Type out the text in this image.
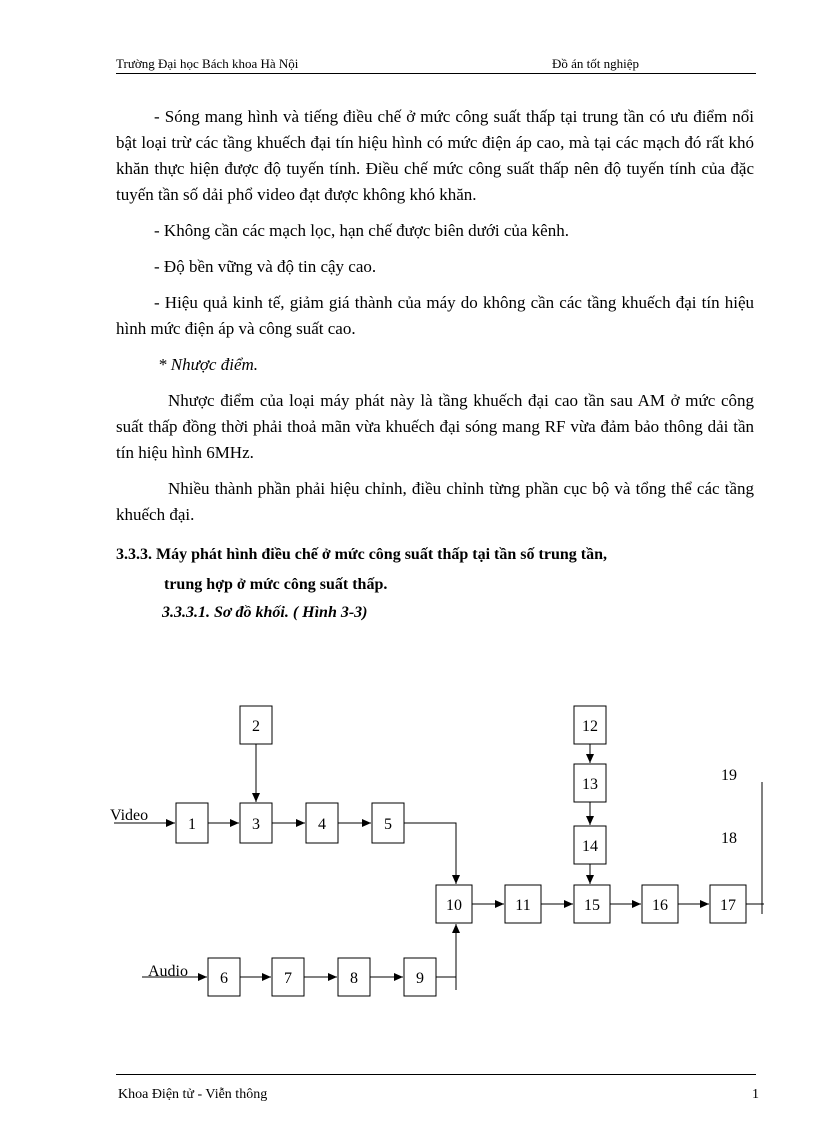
Trường Đại học Bách khoa Hà Nội	Đồ án tốt nghiệp

- Sóng mang hình và tiếng điều chế ở mức công suất thấp tại trung tần có ưu điểm nổi bật loại trừ các tầng khuếch đại tín hiệu hình có mức điện áp cao, mà tại các mạch đó rất khó khăn thực hiện được độ tuyến tính. Điều chế mức công suất thấp nên độ tuyến tính của đặc tuyến tần số dải phổ video đạt được không khó khăn.

- Không cần các mạch lọc, hạn chế được biên dưới của kênh.

- Độ bền vững và độ tin cậy cao.

- Hiệu quả kinh tế, giảm giá thành của máy do không cần các tầng khuếch đại tín hiệu hình mức điện áp và công suất cao.

* Nhược điểm.

Nhược điểm của loại máy phát này là tầng khuếch đại cao tần sau AM ở mức công suất thấp đồng thời phải thoả mãn vừa khuếch đại sóng mang RF vừa đảm bảo thông dải tần tín hiệu hình 6MHz.

Nhiều thành phần phải hiệu chỉnh, điều chỉnh từng phần cục bộ và tổng thể các tầng khuếch đại.

3.3.3. Máy phát hình điều chế ở mức công suất thấp tại tần số trung tần,

trung hợp ở mức công suất thấp.

3.3.3.1. Sơ đồ khối. ( Hình 3-3)

Video
Audio
2
1	3	4	5
10	11
12
13
14
15	16	17
6	7	8	9
19
18
Khoa Điện tử - Viễn thông	1
